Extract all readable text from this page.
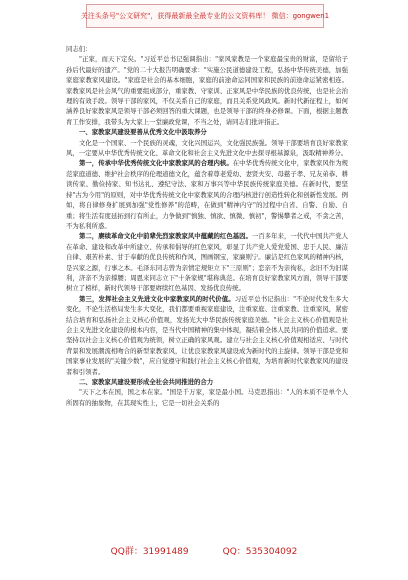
关注头条号"公文研究"，获得最新最全最专业的公文资料库！ 微信：gongwen1

同志们：

"正家，而天下定矣。"习近平总书记强调指出："家风家教是一个家庭最宝贵的财富，是留给子孙后代最好的遗产。"党的二十大报告明确要求："实施公民道德建设工程，弘扬中华传统美德，加强家庭家教家风建设。"家庭是社会的基本细胞，家庭的前途命运同国家和民族的前途命运紧密相连。家教家风是社会风气的重要组成部分，重家教、守家训、正家风是中华民族的优良传统，也是社会治理的有效手段。领导干部的家风，不仅关系自己的家庭，而且关系党风政风。新时代新征程上，如何涵养良好家教家风是领导干部必须回答的重大课题，也是领导干部的终身必修课。下面，根据主题教育工作安排，我带头为大家上一堂廉政党课，不当之处，请同志们批评指正。

一、家教家风建设要善从优秀文化中汲取养分

文化是一个国家、一个民族的灵魂，文化兴国运兴，文化强民族强。领导干部要培育良好家教家风，一定要从中华优秀传统文化、革命文化和社会主义先进文化中去探寻根基源泉，汲取精神养分。

第一，传承中华优秀传统文化中家教家风的合理内核。在中华优秀传统文化中，家教家风作为规范家庭道德、维护社会秩序的伦理道德文化，蕴含着尊老爱幼、妻贤夫安、母慈子孝、兄友弟恭、耕读传家、勤俭持家、知书达礼、遵纪守法、家和万事兴等中华民族传统家庭美德。在新时代，要坚持"古为今用"的原则，对中华优秀传统文化中家教家风的合理内核进行创造性转化和创新性发展。例如，将自律修身扩展到加强"党性修养"的范畴，在做到"精神内守"的过程中自省、自警、自励、自重；将生活有度延拓到行有所止，力争做到"慎独、慎欲、慎微、慎初"，警惕攀者之戒，不贪之苦，不为私利所惑。

第二，赓续革命文化中前辈先烈家教家风中蕴藏的红色基因。一百多年来，一代代中国共产党人在革命、建设和改革中所建立、传承和倡导的红色家风，彰显了共产党人爱党爱国、忠于人民、廉洁自律、艰苦朴素、甘于奉献的优良传统和作风，图画钢宝，家廉则宁。廉洁是红色家风的精神内核，是兴家之源，行事之本。毛泽东同志曾为亲情定规矩立下"三原则"；恋亲不为亲徇私，念旧不为旧谋利，济亲不为亲撑腰；周恩来同志立下"十条家规"堪称典范。在培育良好家教家风方面，领导干部要树立了榜样，新时代领导干部要赓续红色基因、发扬优良传统。

第三，发挥社会主义先进文化中家教家风的时代价值。习近平总书记指出："不论时代发生多大变化，不论生活格局发生多大变化，我们都要重视家庭建设，注重家庭、注重家教、注重家风，紧密结合培育和弘扬社会主义核心价值观，发扬光大中华民族传统家庭美德。"社会主义核心价值观是社会主义先进文化建设的根本内容，是当代中国精神的集中体现，凝结着全体人民共同的价值追求。要坚持以社会主义核心价值观为统领，树立正确的家风观。建立与社会主义核心价值观相适应、与时代背景和发展潮流相吻合的新型家教家风，让优良家教家风建设成为新时代的主旋律。领导干部是党和国家事业发展的"关键少数"，应自觉遵守和践行社会主义核心价值观，为培育新时代家教家风的建设者和引领者。

二、家教家风建设要形成全社会共同推进的合力

"天下之本在国，国之本在家。"国是千万家，家是最小国。马克思指出："人的本质不是单个人所固有的抽象物，在其现实性上，它是一切社会关系的

QQ群：31991489	QQ：535304092
